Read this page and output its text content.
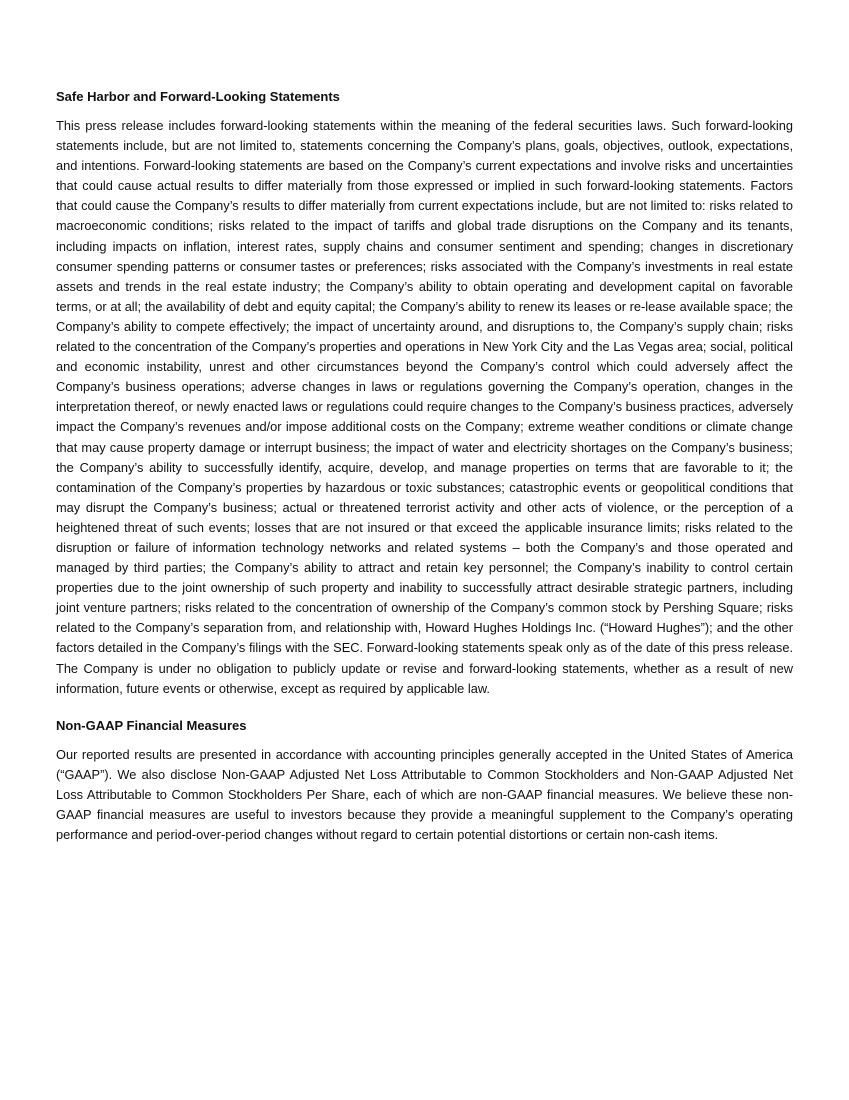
Safe Harbor and Forward-Looking Statements

This press release includes forward-looking statements within the meaning of the federal securities laws. Such forward-looking statements include, but are not limited to, statements concerning the Company’s plans, goals, objectives, outlook, expectations, and intentions. Forward-looking statements are based on the Company’s current expectations and involve risks and uncertainties that could cause actual results to differ materially from those expressed or implied in such forward-looking statements. Factors that could cause the Company’s results to differ materially from current expectations include, but are not limited to: risks related to macroeconomic conditions; risks related to the impact of tariffs and global trade disruptions on the Company and its tenants, including impacts on inflation, interest rates, supply chains and consumer sentiment and spending; changes in discretionary consumer spending patterns or consumer tastes or preferences; risks associated with the Company’s investments in real estate assets and trends in the real estate industry; the Company’s ability to obtain operating and development capital on favorable terms, or at all; the availability of debt and equity capital; the Company’s ability to renew its leases or re-lease available space; the Company’s ability to compete effectively; the impact of uncertainty around, and disruptions to, the Company’s supply chain; risks related to the concentration of the Company’s properties and operations in New York City and the Las Vegas area; social, political and economic instability, unrest and other circumstances beyond the Company’s control which could adversely affect the Company’s business operations; adverse changes in laws or regulations governing the Company’s operation, changes in the interpretation thereof, or newly enacted laws or regulations could require changes to the Company’s business practices, adversely impact the Company’s revenues and/or impose additional costs on the Company; extreme weather conditions or climate change that may cause property damage or interrupt business; the impact of water and electricity shortages on the Company’s business; the Company’s ability to successfully identify, acquire, develop, and manage properties on terms that are favorable to it; the contamination of the Company’s properties by hazardous or toxic substances; catastrophic events or geopolitical conditions that may disrupt the Company’s business; actual or threatened terrorist activity and other acts of violence, or the perception of a heightened threat of such events; losses that are not insured or that exceed the applicable insurance limits; risks related to the disruption or failure of information technology networks and related systems – both the Company’s and those operated and managed by third parties; the Company’s ability to attract and retain key personnel; the Company’s inability to control certain properties due to the joint ownership of such property and inability to successfully attract desirable strategic partners, including joint venture partners; risks related to the concentration of ownership of the Company’s common stock by Pershing Square; risks related to the Company’s separation from, and relationship with, Howard Hughes Holdings Inc. (“Howard Hughes”); and the other factors detailed in the Company’s filings with the SEC. Forward-looking statements speak only as of the date of this press release. The Company is under no obligation to publicly update or revise and forward-looking statements, whether as a result of new information, future events or otherwise, except as required by applicable law.

Non-GAAP Financial Measures

Our reported results are presented in accordance with accounting principles generally accepted in the United States of America (“GAAP”). We also disclose Non-GAAP Adjusted Net Loss Attributable to Common Stockholders and Non-GAAP Adjusted Net Loss Attributable to Common Stockholders Per Share, each of which are non-GAAP financial measures. We believe these non-GAAP financial measures are useful to investors because they provide a meaningful supplement to the Company’s operating performance and period-over-period changes without regard to certain potential distortions or certain non-cash items.
